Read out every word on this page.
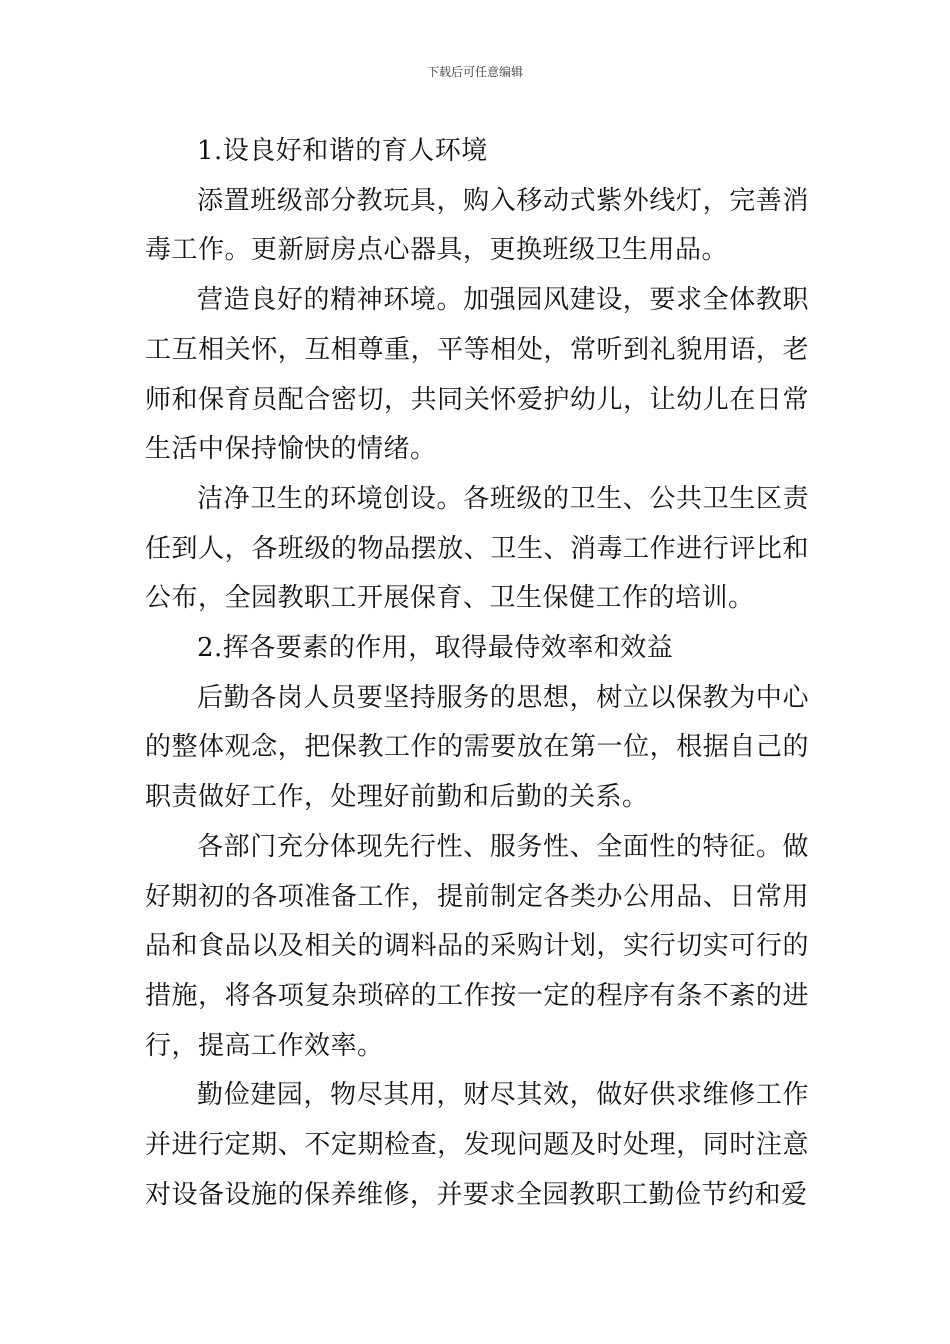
下载后可任意编辑

1.设良好和谐的育人环境

添置班级部分教玩具，购入移动式紫外线灯，完善消毒工作。更新厨房点心器具，更换班级卫生用品。

营造良好的精神环境。加强园风建设，要求全体教职工互相关怀，互相尊重，平等相处，常听到礼貌用语，老师和保育员配合密切，共同关怀爱护幼儿，让幼儿在日常生活中保持愉快的情绪。

洁净卫生的环境创设。各班级的卫生、公共卫生区责任到人，各班级的物品摆放、卫生、消毒工作进行评比和公布，全园教职工开展保育、卫生保健工作的培训。

2.挥各要素的作用，取得最侍效率和效益

后勤各岗人员要坚持服务的思想，树立以保教为中心的整体观念，把保教工作的需要放在第一位，根据自己的职责做好工作，处理好前勤和后勤的关系。

各部门充分体现先行性、服务性、全面性的特征。做好期初的各项准备工作，提前制定各类办公用品、日常用品和食品以及相关的调料品的采购计划，实行切实可行的措施，将各项复杂琐碎的工作按一定的程序有条不紊的进行，提高工作效率。

勤俭建园，物尽其用，财尽其效，做好供求维修工作并进行定期、不定期检查，发现问题及时处理，同时注意对设备设施的保养维修，并要求全园教职工勤俭节约和爱
